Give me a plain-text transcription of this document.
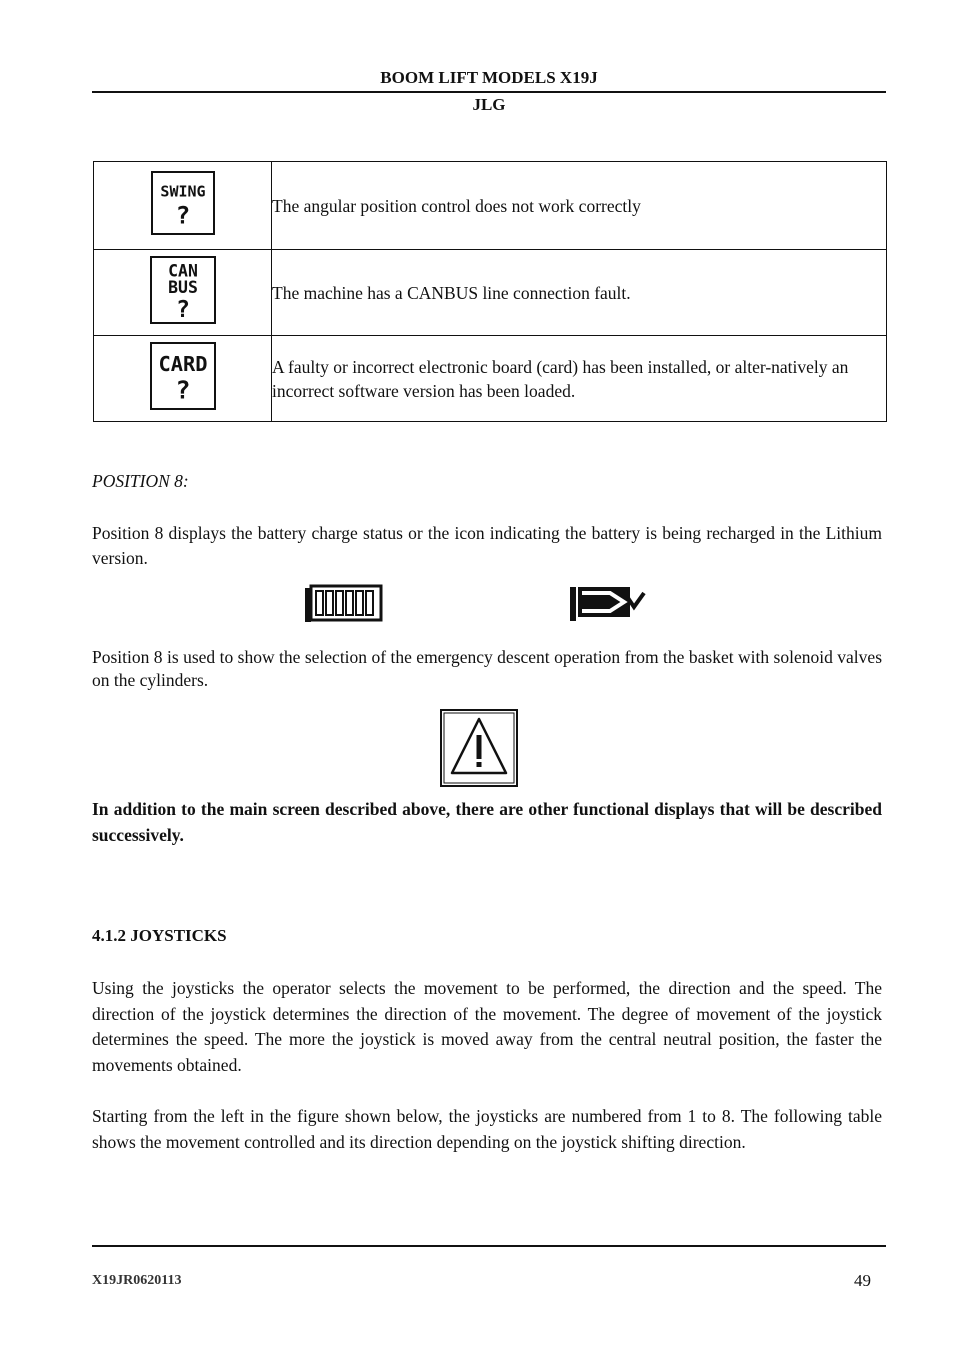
BOOM LIFT MODELS X19J
JLG
SWING
?	The angular position control does not work correctly

CAN
BUS
?	The machine has a CANBUS line connection fault.

CARD
?	A faulty or incorrect electronic board (card) has been installed, or alter-natively an incorrect software version has been loaded.
POSITION 8:
Position 8 displays the battery charge status or the icon indicating the battery is being recharged in the Lithium version.
Position 8 is used to show the selection of the emergency descent operation from the basket with solenoid valves on the cylinders.
In addition to the main screen described above, there are other functional displays that will be described successively.
4.1.2 JOYSTICKS
Using the joysticks the operator selects the movement to be performed, the direction and the speed. The direction of the joystick determines the direction of the movement. The degree of movement of the joystick determines the speed. The more the joystick is moved away from the central neutral position, the faster the movements obtained.
Starting from the left in the figure shown below, the joysticks are numbered from 1 to 8. The following table shows the movement controlled and its direction depending on the joystick shifting direction.
X19JR0620113	49
